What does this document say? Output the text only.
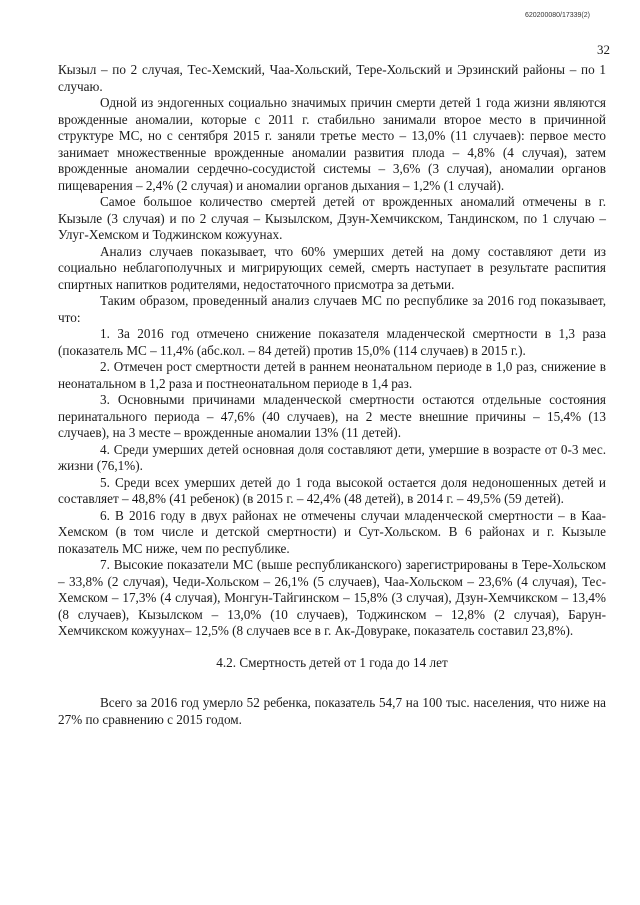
620200080/17339(2)
32

Кызыл – по 2 случая, Тес-Хемский, Чаа-Хольский, Тере-Хольский и Эрзинский районы – по 1 случаю.

Одной из эндогенных социально значимых причин смерти детей 1 года жизни являются врожденные аномалии, которые с 2011 г. стабильно занимали второе место в причинной структуре МС, но с сентября 2015 г. заняли третье место – 13,0% (11 случаев): первое место занимает множественные врожденные аномалии развития плода – 4,8% (4 случая), затем врожденные аномалии сердечно-сосудистой системы – 3,6% (3 случая), аномалии органов пищеварения – 2,4% (2 случая) и аномалии органов дыхания – 1,2% (1 случай).

Самое большое количество смертей детей от врожденных аномалий отмечены в г. Кызыле (3 случая) и по 2 случая – Кызылском, Дзун-Хемчикском, Тандинском, по 1 случаю – Улуг-Хемском и Тоджинском кожуунах.

Анализ случаев показывает, что 60% умерших детей на дому составляют дети из социально неблагополучных и мигрирующих семей, смерть наступает в результате распития спиртных напитков родителями, недостаточного присмотра за детьми.

Таким образом, проведенный анализ случаев МС по республике за 2016 год показывает, что:

1. За 2016 год отмечено снижение показателя младенческой смертности в 1,3 раза (показатель МС – 11,4% (абс.кол. – 84 детей) против 15,0% (114 случаев) в 2015 г.).

2. Отмечен рост смертности детей в раннем неонатальном периоде в 1,0 раз, снижение в неонатальном в 1,2 раза и постнеонатальном периоде в 1,4 раз.

3. Основными причинами младенческой смертности остаются отдельные состояния перинатального периода – 47,6% (40 случаев), на 2 месте внешние причины – 15,4% (13 случаев), на 3 месте – врожденные аномалии 13% (11 детей).

4. Среди умерших детей основная доля составляют дети, умершие в возрасте от 0-3 мес. жизни (76,1%).

5. Среди всех умерших детей до 1 года высокой остается доля недоношенных детей и составляет – 48,8% (41 ребенок) (в 2015 г. – 42,4% (48 детей), в 2014 г. – 49,5% (59 детей).

6. В 2016 году в двух районах не отмечены случаи младенческой смертности – в Каа-Хемском (в том числе и детской смертности) и Сут-Хольском. В 6 районах и г. Кызыле показатель МС ниже, чем по республике.

7. Высокие показатели МС (выше республиканского) зарегистрированы в Тере-Хольском – 33,8% (2 случая), Чеди-Хольском – 26,1% (5 случаев), Чаа-Хольском – 23,6% (4 случая), Тес-Хемском – 17,3% (4 случая), Монгун-Тайгинском – 15,8% (3 случая), Дзун-Хемчикском – 13,4% (8 случаев), Кызылском – 13,0% (10 случаев), Тоджинском – 12,8% (2 случая), Барун-Хемчикском кожуунах– 12,5% (8 случаев все в г. Ак-Довураке, показатель составил 23,8%).

4.2. Смертность детей от 1 года до 14 лет

Всего за 2016 год умерло 52 ребенка, показатель 54,7 на 100 тыс. населения, что ниже на 27% по сравнению с 2015 годом.
